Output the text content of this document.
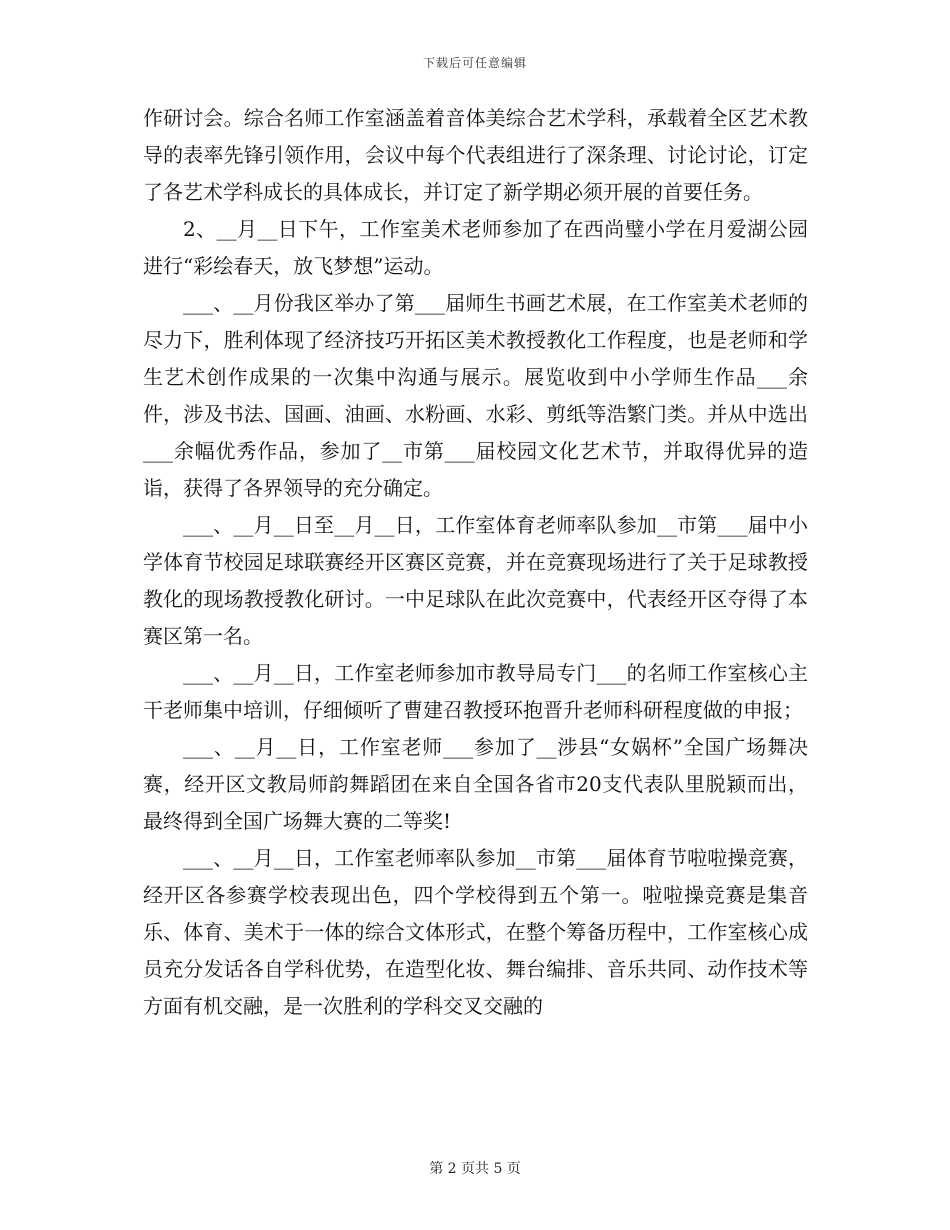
下载后可任意编辑

作研讨会。综合名师工作室涵盖着音体美综合艺术学科，承载着全区艺术教导的表率先锋引领作用，会议中每个代表组进行了深条理、讨论讨论，订定了各艺术学科成长的具体成长，并订定了新学期必须开展的首要任务。

2、__月__日下午，工作室美术老师参加了在西尚璧小学在月爱湖公园进行“彩绘春天，放飞梦想”运动。

___、__月份我区举办了第___届师生书画艺术展，在工作室美术老师的尽力下，胜利体现了经济技巧开拓区美术教授教化工作程度，也是老师和学生艺术创作成果的一次集中沟通与展示。展览收到中小学师生作品___余件，涉及书法、国画、油画、水粉画、水彩、剪纸等浩繁门类。并从中选出___余幅优秀作品，参加了__市第___届校园文化艺术节，并取得优异的造诣，获得了各界领导的充分确定。

___、__月__日至__月__日，工作室体育老师率队参加__市第___届中小学体育节校园足球联赛经开区赛区竞赛，并在竞赛现场进行了关于足球教授教化的现场教授教化研讨。一中足球队在此次竞赛中，代表经开区夺得了本赛区第一名。

___、__月__日，工作室老师参加市教导局专门___的名师工作室核心主干老师集中培训，仔细倾听了曹建召教授环抱晋升老师科研程度做的申报；

___、__月__日，工作室老师___参加了__涉县“女娲杯”全国广场舞决赛，经开区文教局师韵舞蹈团在来自全国各省市20支代表队里脱颖而出，最终得到全国广场舞大赛的二等奖!

___、__月__日，工作室老师率队参加__市第___届体育节啦啦操竞赛，经开区各参赛学校表现出色，四个学校得到五个第一。啦啦操竞赛是集音乐、体育、美术于一体的综合文体形式，在整个筹备历程中，工作室核心成员充分发话各自学科优势，在造型化妆、舞台编排、音乐共同、动作技术等方面有机交融，是一次胜利的学科交叉交融的

第 2 页共 5 页
